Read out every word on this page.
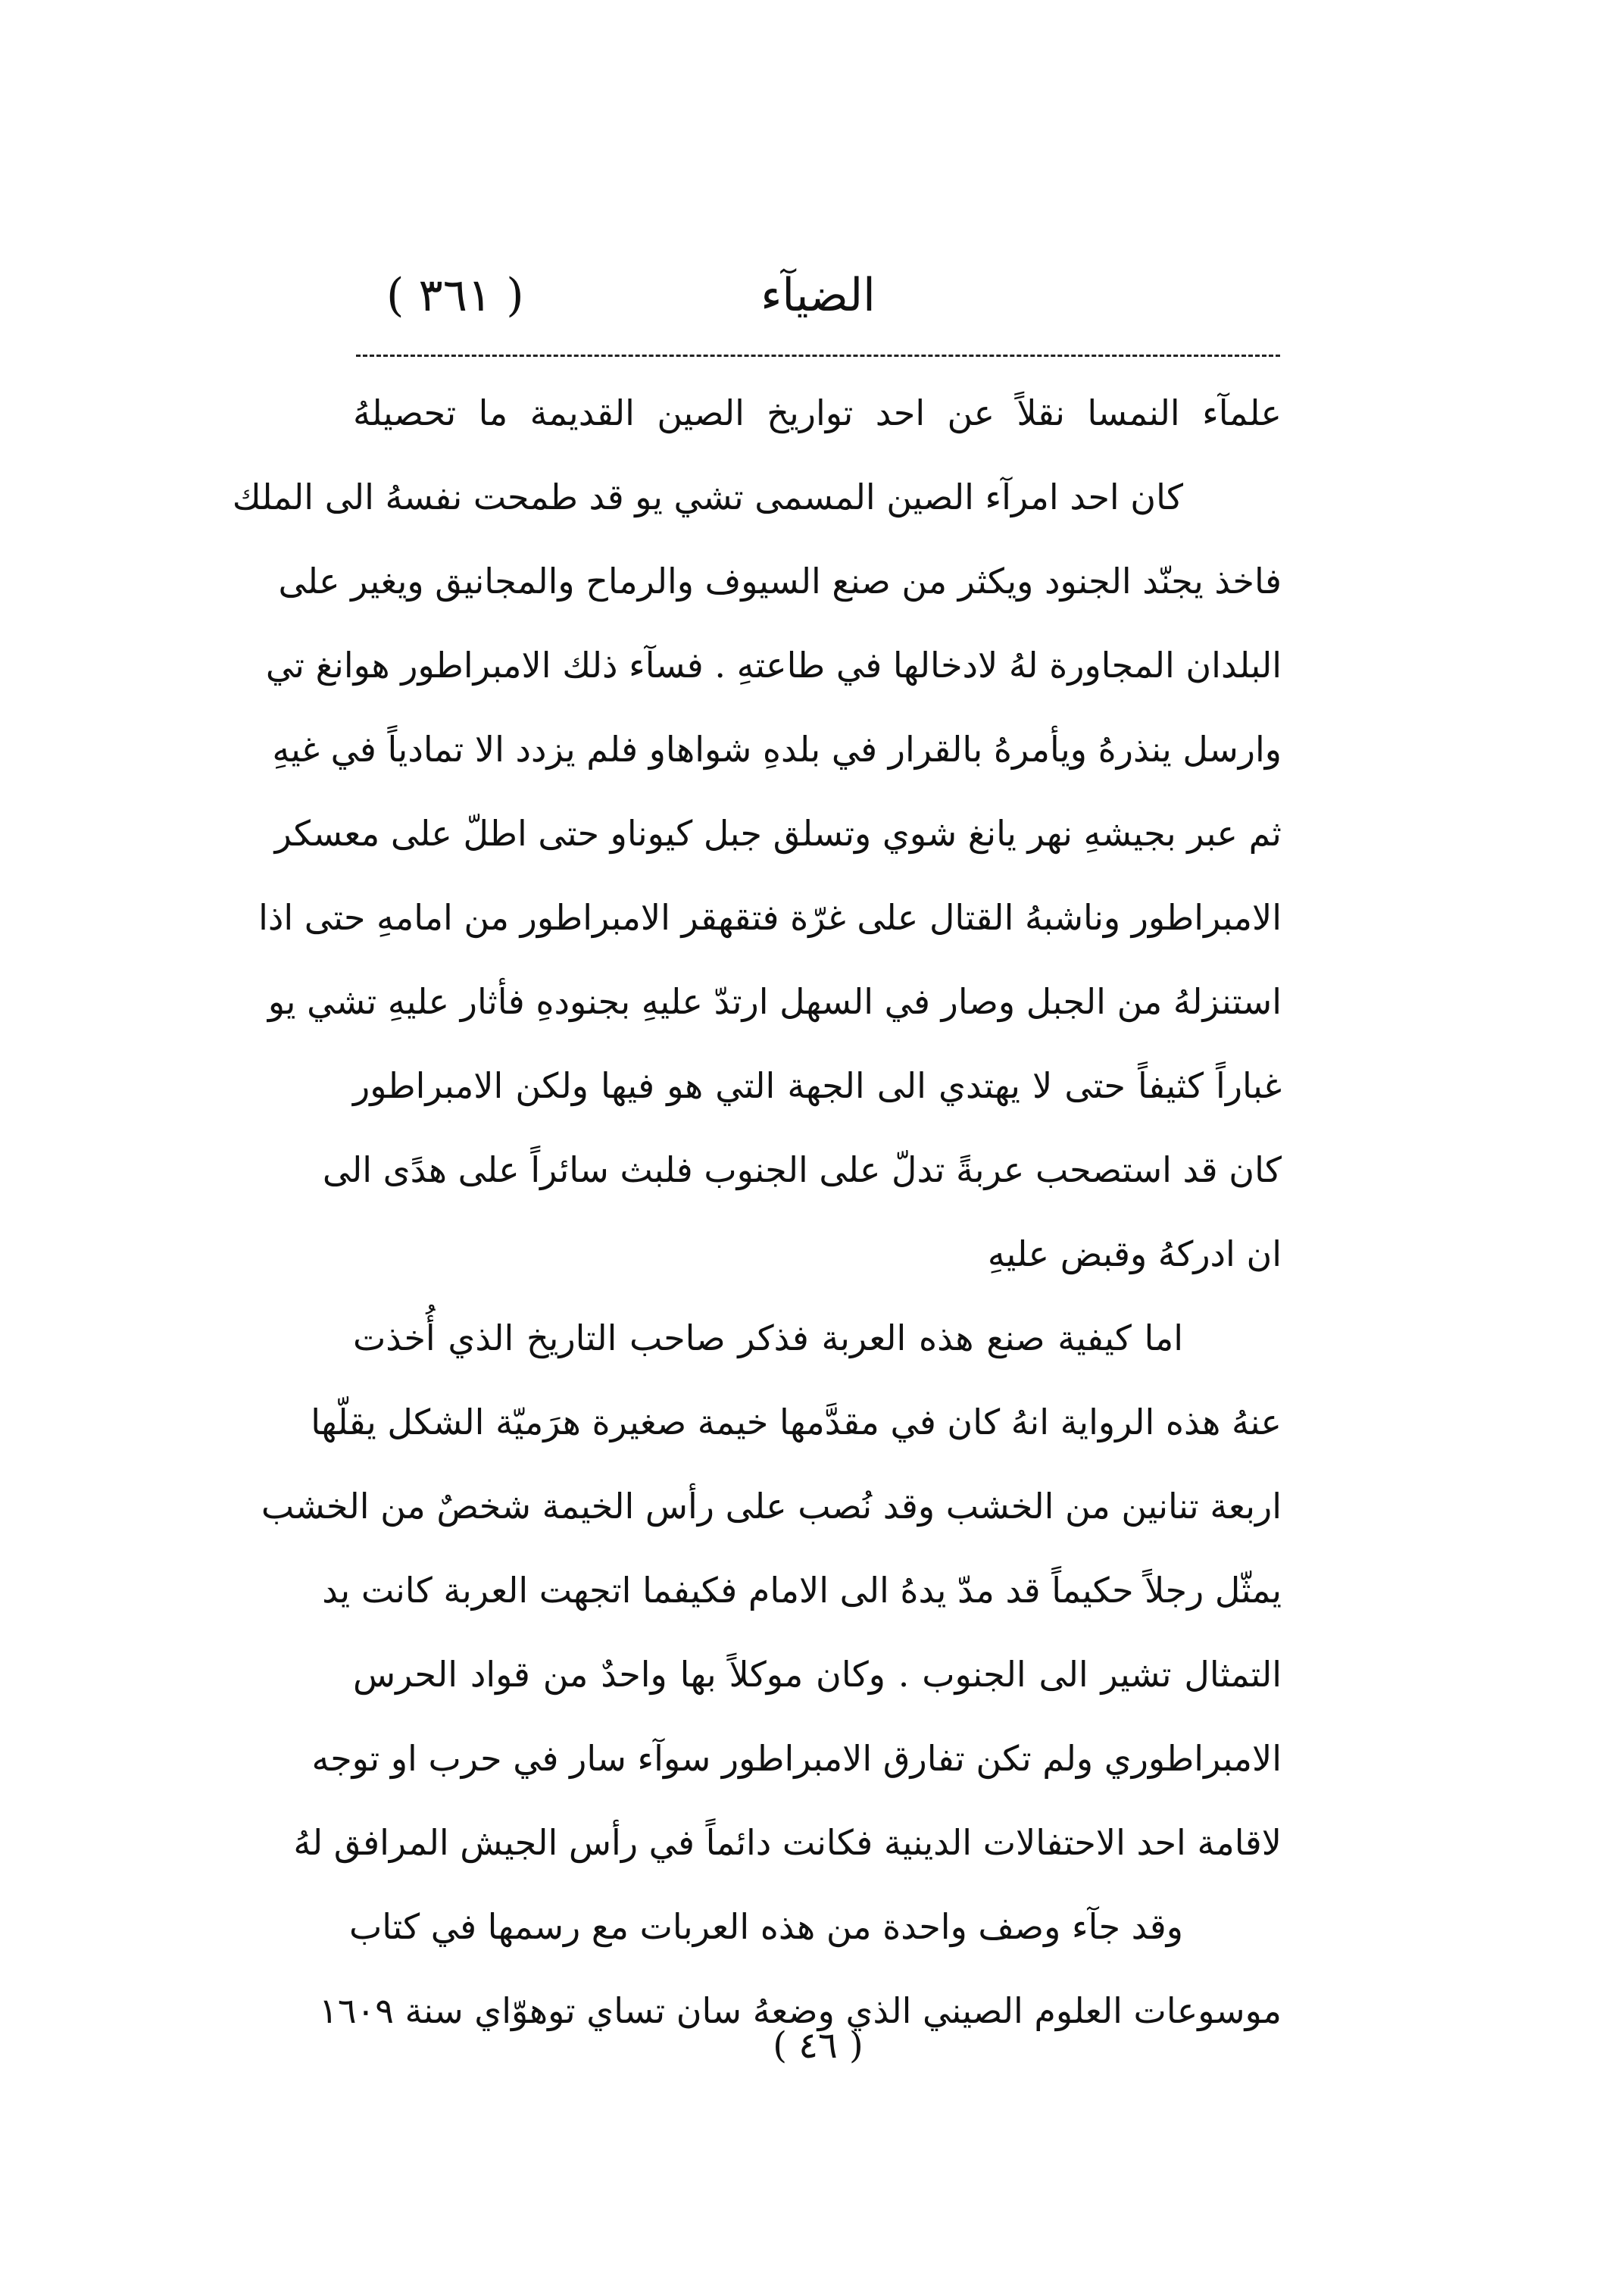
( ٣٦١ )	الضيآء
علمآء النمسا نقلاً عن احد تواريخ الصين القديمة ما تحصيلهُ
كان احد امرآء الصين المسمى تشي يو قد طمحت نفسهُ الى الملك
فاخذ يجنّد الجنود ويكثر من صنع السيوف والرماح والمجانيق ويغير على
البلدان المجاورة لهُ لادخالها في طاعتهِ . فسآء ذلك الامبراطور هوانغ تي
وارسل ينذرهُ ويأمرهُ بالقرار في بلدهِ شواهاو فلم يزدد الا تمادياً في غيهِ
ثم عبر بجيشهِ نهر يانغ شوي وتسلق جبل كيوناو حتى اطلّ على معسكر
الامبراطور وناشبهُ القتال على غرّة فتقهقر الامبراطور من امامهِ حتى اذا
استنزلهُ من الجبل وصار في السهل ارتدّ عليهِ بجنودهِ فأثار عليهِ تشي يو
غباراً كثيفاً حتى لا يهتدي الى الجهة التي هو فيها ولكن الامبراطور
كان قد استصحب عربةً تدلّ على الجنوب فلبث سائراً على هدًى الى
ان ادركهُ وقبض عليهِ
اما كيفية صنع هذه العربة فذكر صاحب التاريخ الذي أُخذت
عنهُ هذه الرواية انهُ كان في مقدَّمها خيمة صغيرة هرَميّة الشكل يقلّها
اربعة تنانين من الخشب وقد نُصب على رأس الخيمة شخصٌ من الخشب
يمثّل رجلاً حكيماً قد مدّ يدهُ الى الامام فكيفما اتجهت العربة كانت يد
التمثال تشير الى الجنوب . وكان موكلاً بها واحدٌ من قواد الحرس
الامبراطوري ولم تكن تفارق الامبراطور سوآء سار في حرب او توجه
لاقامة احد الاحتفالات الدينية فكانت دائماً في رأس الجيش المرافق لهُ
وقد جآء وصف واحدة من هذه العربات مع رسمها في كتاب
موسوعات العلوم الصيني الذي وضعهُ سان تساي توهوّاي سنة ١٦٠٩
( ٤٦ )
